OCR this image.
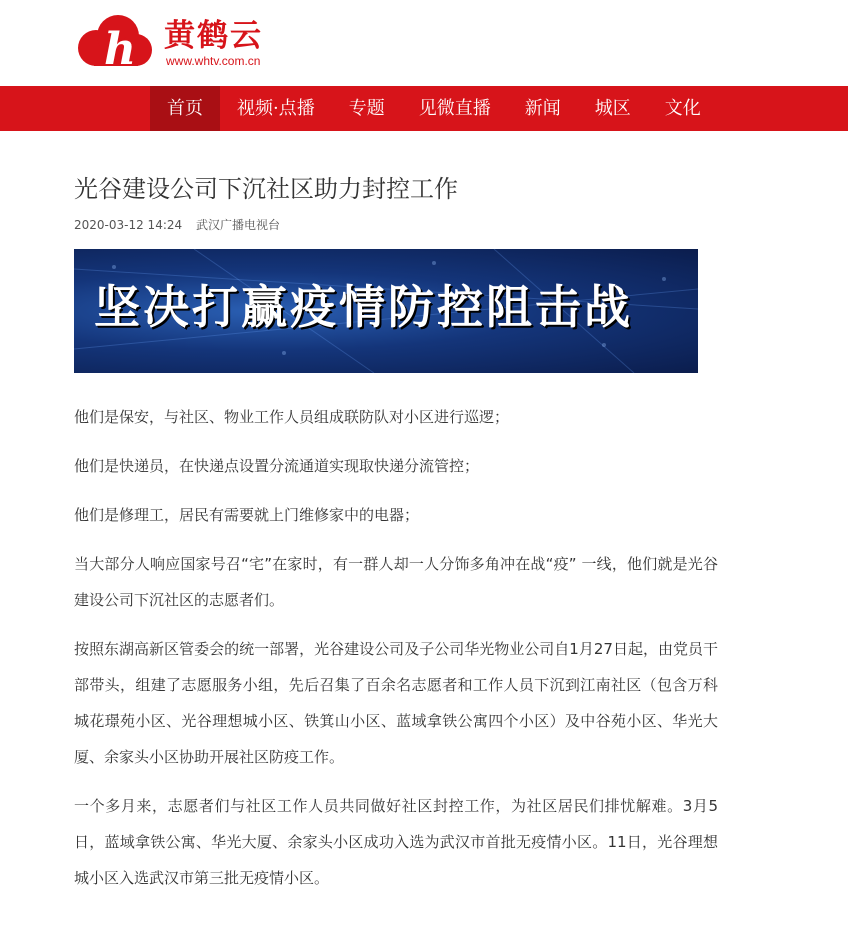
h 黄鹤云
www.whtv.com.cn
首页	视频·点播	专题	见微直播	新闻	城区	文化
光谷建设公司下沉社区助力封控工作
2020-03-12 14:24 武汉广播电视台
坚决打赢疫情防控阻击战

他们是保安，与社区、物业工作人员组成联防队对小区进行巡逻；

他们是快递员，在快递点设置分流通道实现取快递分流管控；

他们是修理工，居民有需要就上门维修家中的电器；

当大部分人响应国家号召“宅”在家时，有一群人却一人分饰多角冲在战“疫” 一线，他们就是光谷建设公司下沉社区的志愿者们。

按照东湖高新区管委会的统一部署，光谷建设公司及子公司华光物业公司自1月27日起，由党员干部带头，组建了志愿服务小组，先后召集了百余名志愿者和工作人员下沉到江南社区（包含万科城花璟苑小区、光谷理想城小区、铁箕山小区、蓝域拿铁公寓四个小区）及中谷苑小区、华光大厦、余家头小区协助开展社区防疫工作。

一个多月来，志愿者们与社区工作人员共同做好社区封控工作，为社区居民们排忧解难。3月5日，蓝域拿铁公寓、华光大厦、余家头小区成功入选为武汉市首批无疫情小区。11日，光谷理想城小区入选武汉市第三批无疫情小区。
